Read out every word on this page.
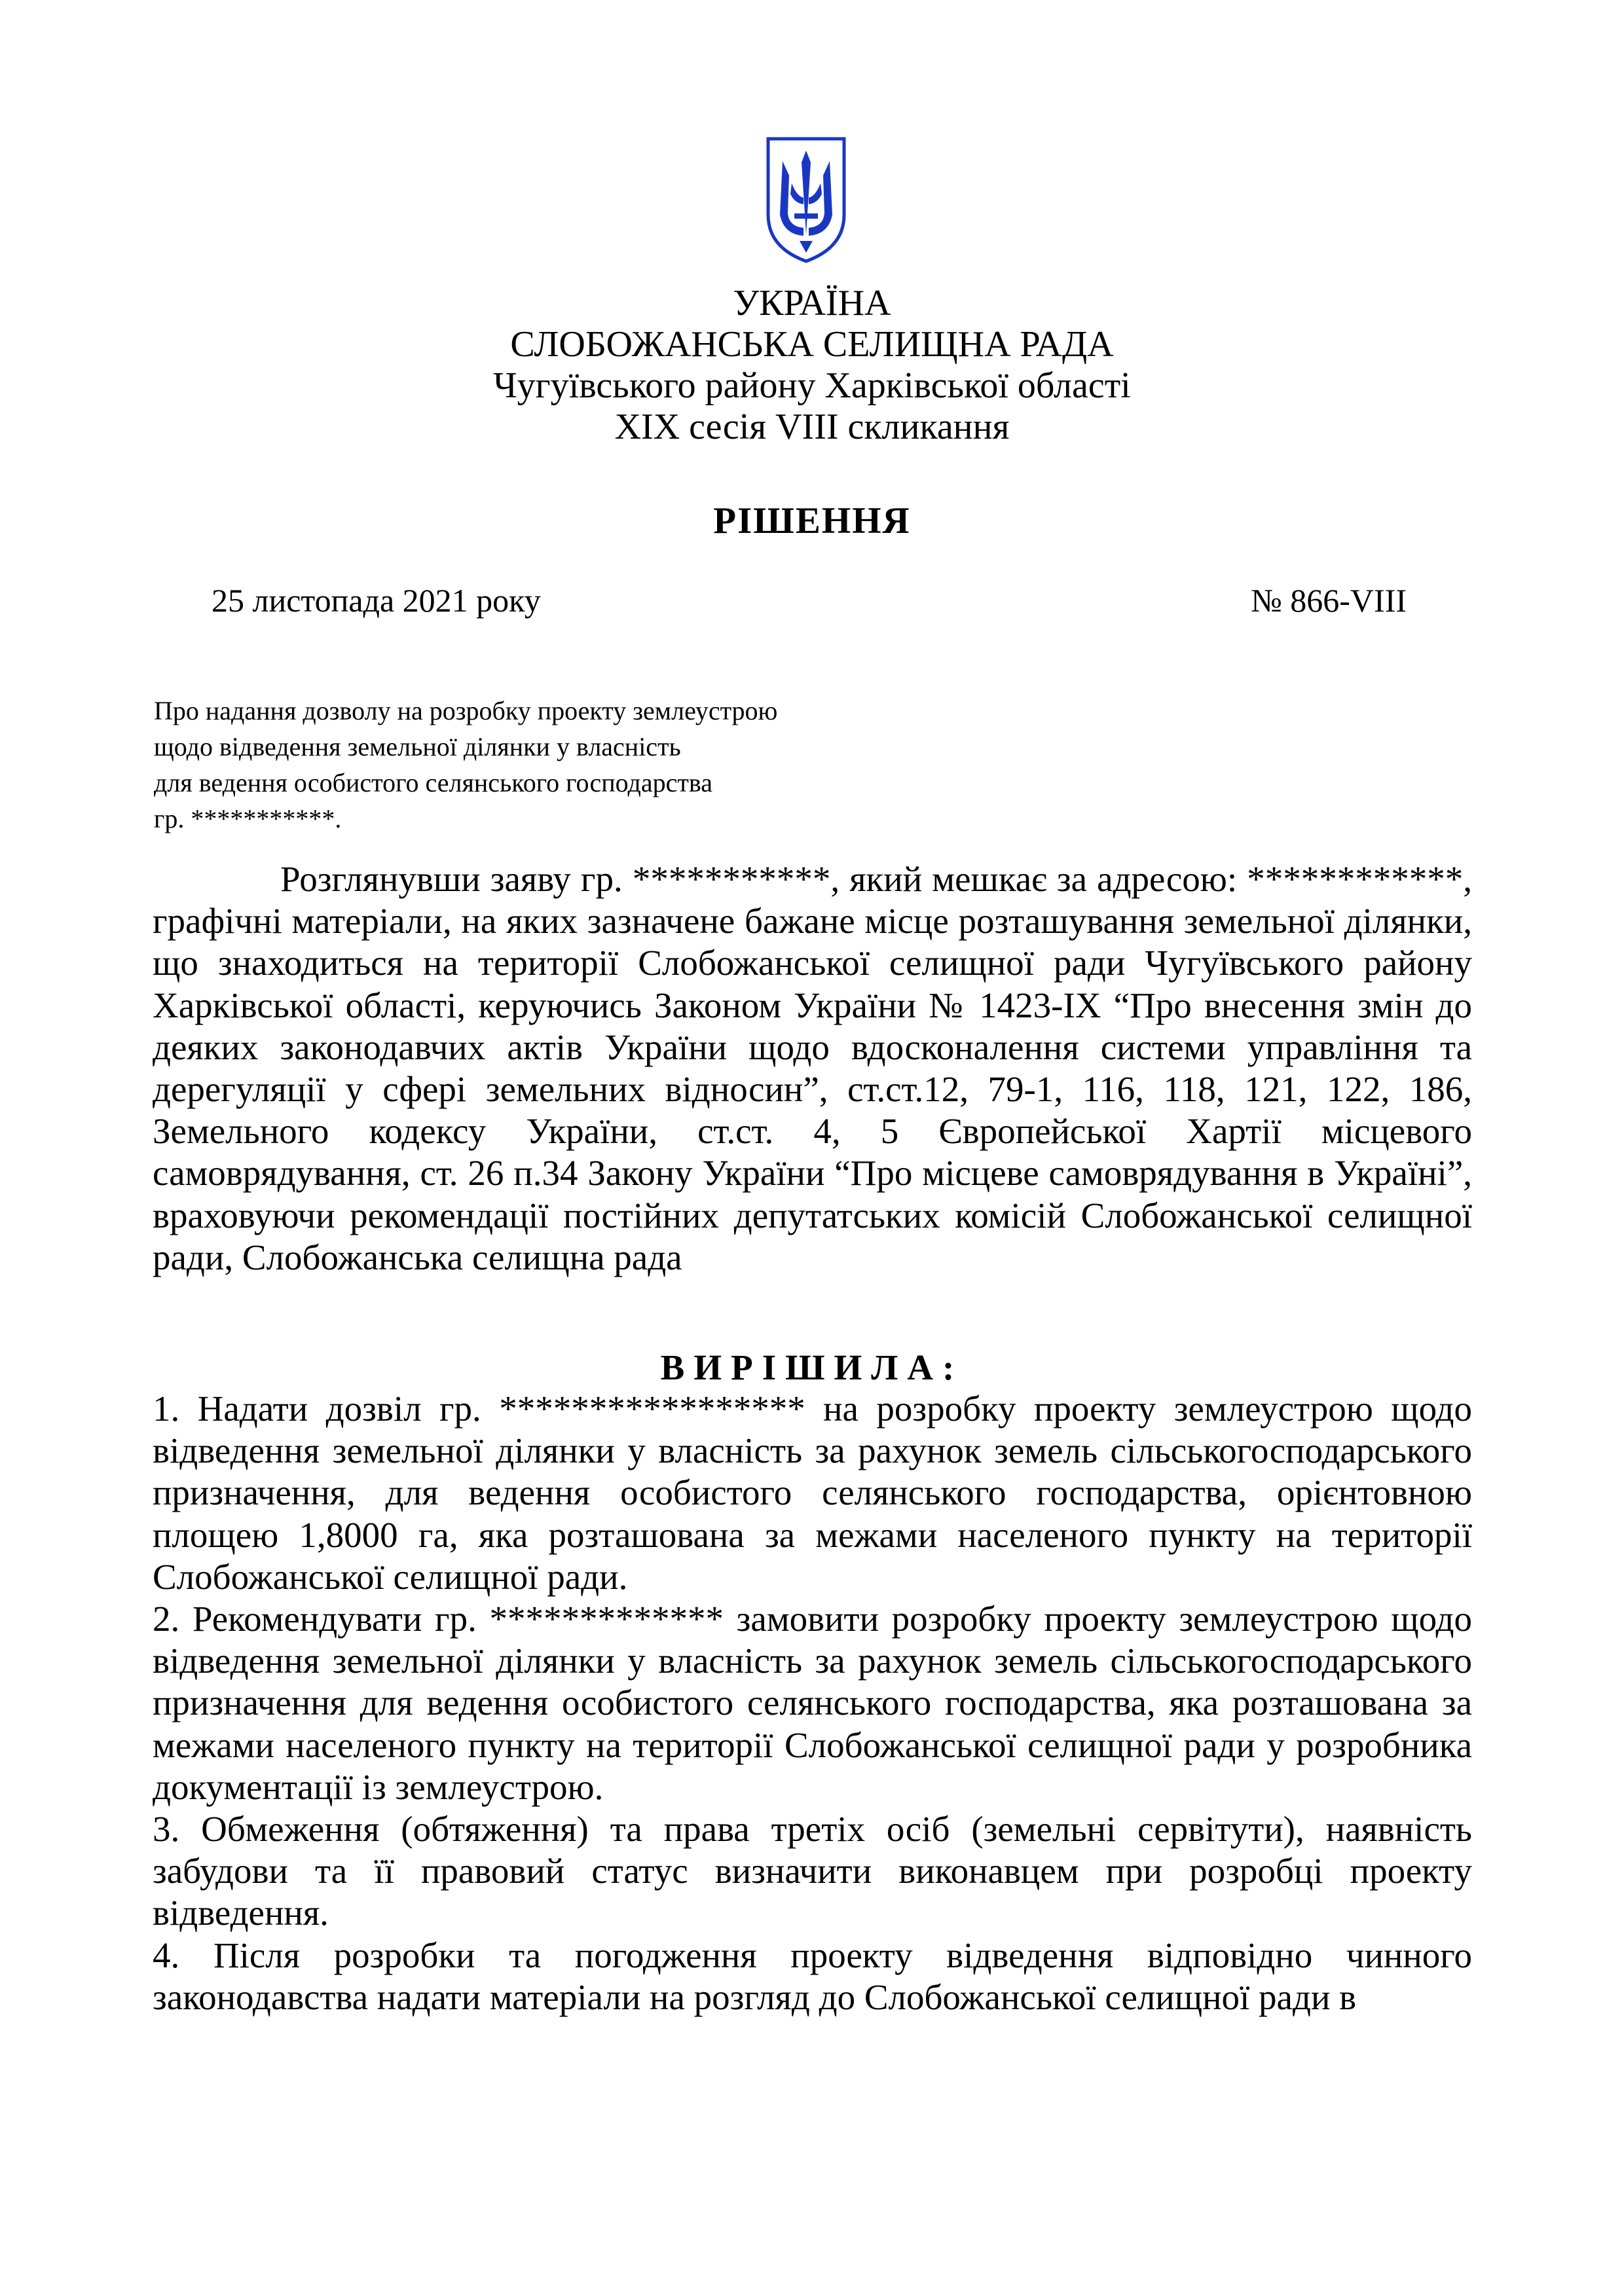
УКРАЇНА
СЛОБОЖАНСЬКА СЕЛИЩНА РАДА
Чугуївського району Харківської області
XIX сесія VIII скликання
РІШЕННЯ
25 листопада 2021 року	№ 866-VIII
Про надання дозволу на розробку проекту землеустрою
щодо відведення земельної ділянки у власність
для ведення особистого селянського господарства
гр. ***********.

Розглянувши заяву гр. ***********, який мешкає за адресою: ************, графічні матеріали, на яких зазначене бажане місце розташування земельної ділянки, що знаходиться на території Слобожанської селищної ради Чугуївського району Харківської області, керуючись Законом України № 1423-IX “Про внесення змін до деяких законодавчих актів України щодо вдосконалення системи управління та дерегуляції у сфері земельних відносин”, ст.ст.12, 79-1, 116, 118, 121, 122, 186, Земельного кодексу України, ст.ст. 4, 5 Європейської Хартії місцевого самоврядування, ст. 26 п.34 Закону України “Про місцеве самоврядування в Україні”, враховуючи рекомендації постійних депутатських комісій Слобожанської селищної ради, Слобожанська селищна рада

ВИРІШИЛА:

1. Надати дозвіл гр. ***************** на розробку проекту землеустрою щодо відведення земельної ділянки у власність за рахунок земель сільськогосподарського призначення, для ведення особистого селянського господарства, орієнтовною площею 1,8000 га, яка розташована за межами населеного пункту на території Слобожанської селищної ради.

2. Рекомендувати гр. ************* замовити розробку проекту землеустрою щодо відведення земельної ділянки у власність за рахунок земель сільськогосподарського призначення для ведення особистого селянського господарства, яка розташована за межами населеного пункту на території Слобожанської селищної ради у розробника документації із землеустрою.

3. Обмеження (обтяження) та права третіх осіб (земельні сервітути), наявність забудови та її правовий статус визначити виконавцем при розробці проекту відведення.

4. Після розробки та погодження проекту відведення відповідно чинного законодавства надати матеріали на розгляд до Слобожанської селищної ради в
